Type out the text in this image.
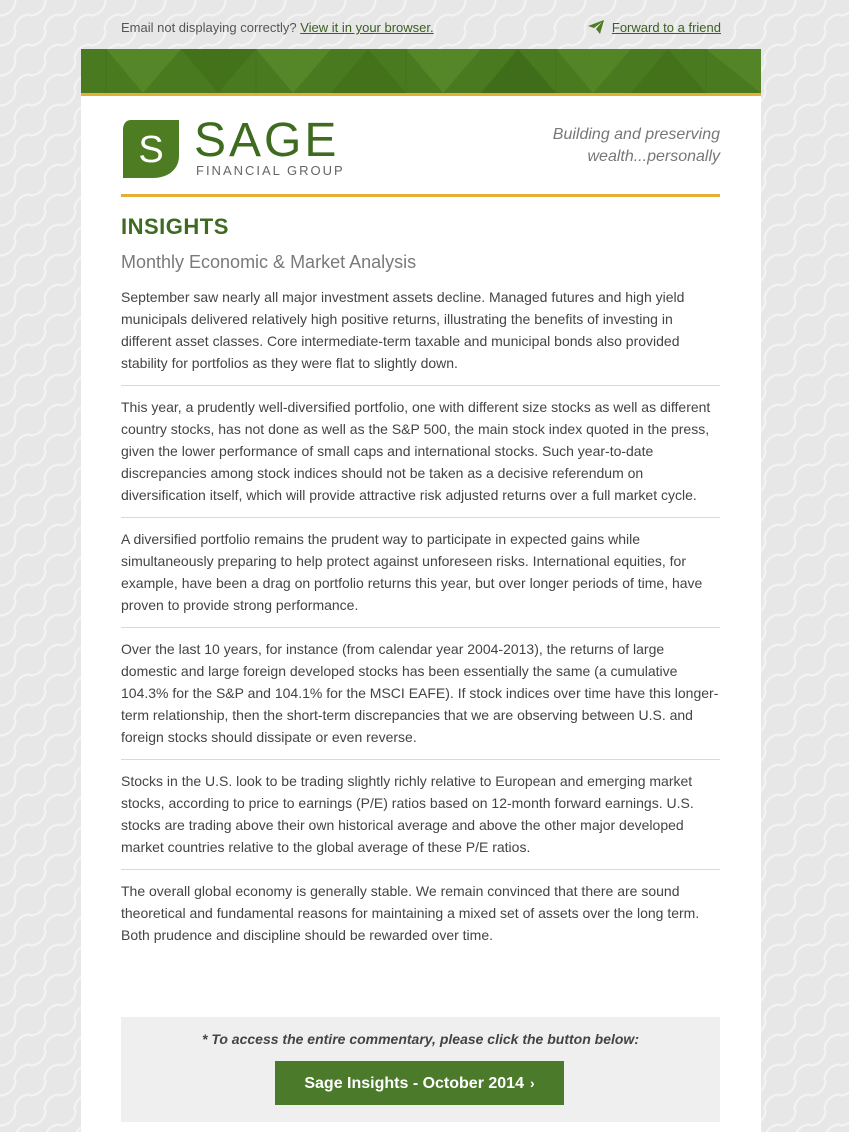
Email not displaying correctly? View it in your browser.	Forward to a friend
S SAGE
FINANCIAL GROUP
Building and preserving
wealth...personally
INSIGHTS
Monthly Economic & Market Analysis

September saw nearly all major investment assets decline. Managed futures and high yield municipals delivered relatively high positive returns, illustrating the benefits of investing in different asset classes. Core intermediate-term taxable and municipal bonds also provided stability for portfolios as they were flat to slightly down.

This year, a prudently well-diversified portfolio, one with different size stocks as well as different country stocks, has not done as well as the S&P 500, the main stock index quoted in the press, given the lower performance of small caps and international stocks. Such year-to-date discrepancies among stock indices should not be taken as a decisive referendum on diversification itself, which will provide attractive risk adjusted returns over a full market cycle.

A diversified portfolio remains the prudent way to participate in expected gains while simultaneously preparing to help protect against unforeseen risks. International equities, for example, have been a drag on portfolio returns this year, but over longer periods of time, have proven to provide strong performance.

Over the last 10 years, for instance (from calendar year 2004-2013), the returns of large domestic and large foreign developed stocks has been essentially the same (a cumulative 104.3% for the S&P and 104.1% for the MSCI EAFE). If stock indices over time have this longer-term relationship, then the short-term discrepancies that we are observing between U.S. and foreign stocks should dissipate or even reverse.

Stocks in the U.S. look to be trading slightly richly relative to European and emerging market stocks, according to price to earnings (P/E) ratios based on 12-month forward earnings. U.S. stocks are trading above their own historical average and above the other major developed market countries relative to the global average of these P/E ratios.

The overall global economy is generally stable. We remain convinced that there are sound theoretical and fundamental reasons for maintaining a mixed set of assets over the long term. Both prudence and discipline should be rewarded over time.

* To access the entire commentary, please click the button below:
Sage Insights - October 2014 ›
